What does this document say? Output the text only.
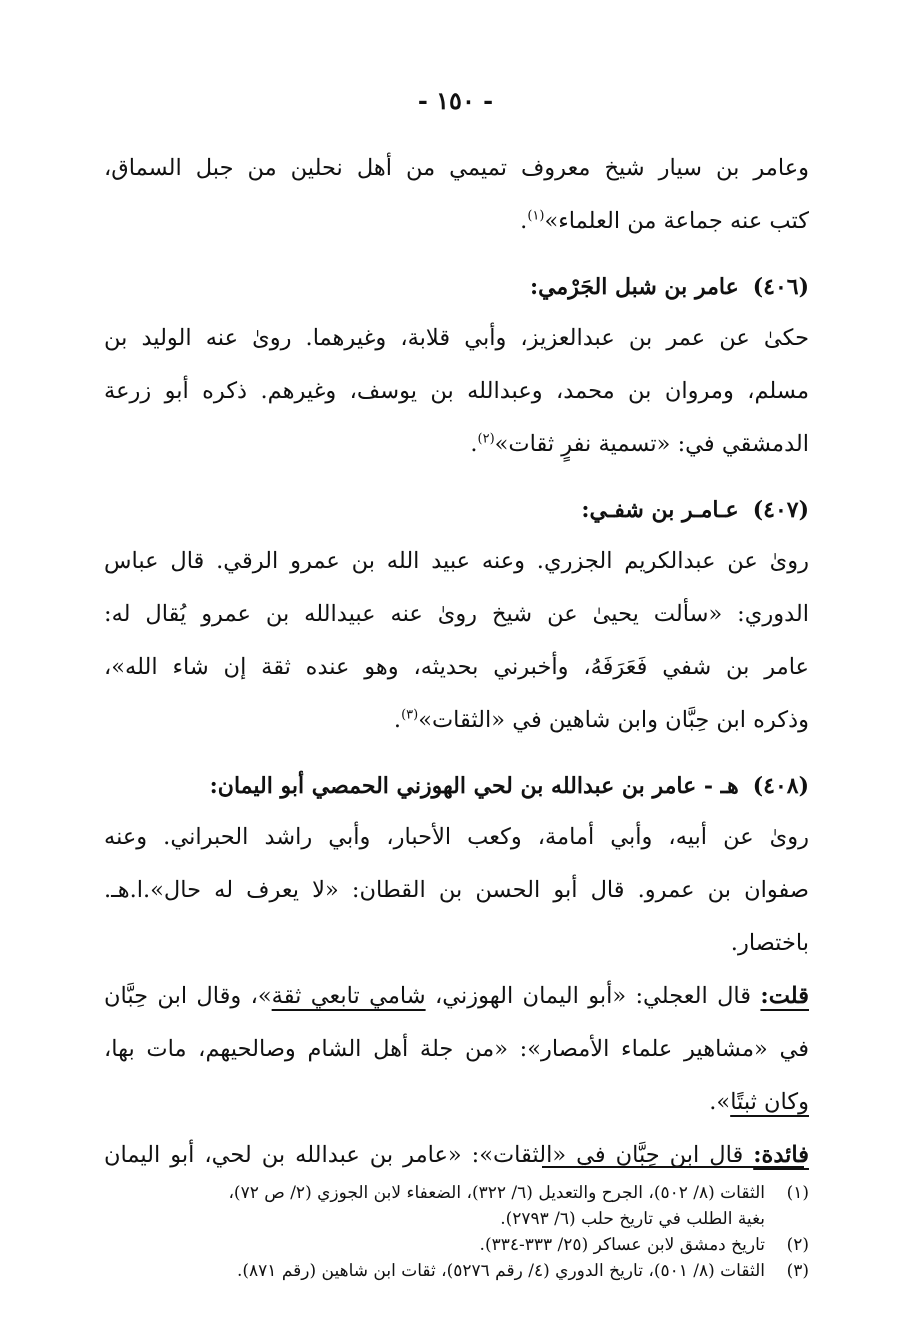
- ١٥٠ -

وعامر بن سيار شيخ معروف تميمي من أهل نحلين من جبل السماق،

كتب عنه جماعة من العلماء»$^{(١)}$.

(٤٠٦)عامر بن شبل الجَرْمي:

حكىٰ عن عمر بن عبدالعزيز، وأبي قلابة، وغيرهما. روىٰ عنه الوليد بن

مسلم، ومروان بن محمد، وعبدالله بن يوسف، وغيرهم. ذكره أبو زرعة

الدمشقي في: «تسمية نفرٍ ثقات»$^{(٢)}$.

(٤٠٧)عـامـر بن شفـي:

روىٰ عن عبدالكريم الجزري. وعنه عبيد الله بن عمرو الرقي. قال عباس

الدوري: «سألت يحيىٰ عن شيخ روىٰ عنه عبيدالله بن عمرو يُقال له:

عامر بن شفي فَعَرَفَهُ، وأخبرني بحديثه، وهو عنده ثقة إن شاء الله»،

وذكره ابن حِبَّان وابن شاهين في «الثقات»$^{(٣)}$.

(٤٠٨)هـ - عامر بن عبدالله بن لحي الهوزني الحمصي أبو اليمان:

روىٰ عن أبيه، وأبي أمامة، وكعب الأحبار، وأبي راشد الحبراني. وعنه

صفوان بن عمرو. قال أبو الحسن بن القطان: «لا يعرف له حال».ا.هـ.

باختصار.

قلت: قال العجلي: «أبو اليمان الهوزني، شامي تابعي ثقة»، وقال ابن حِبَّان

في «مشاهير علماء الأمصار»: «من جلة أهل الشام وصالحيهم، مات بها،

وكان ثبتًا».

فائدة: قال ابن حِبَّان في «الثقات»: «عامر بن عبدالله بن لحي، أبو اليمان

(١)
الثقات (٨/ ٥٠٢)، الجرح والتعديل (٦/ ٣٢٢)، الضعفاء لابن الجوزي (٢/ ص ٧٢)،
بغية الطلب في تاريخ حلب (٦/ ٢٧٩٣).
(٢)
تاريخ دمشق لابن عساكر (٢٥/ ٣٣٣-٣٣٤).
(٣)
الثقات (٨/ ٥٠١)، تاريخ الدوري (٤/ رقم ٥٢٧٦)، ثقات ابن شاهين (رقم ٨٧١).
